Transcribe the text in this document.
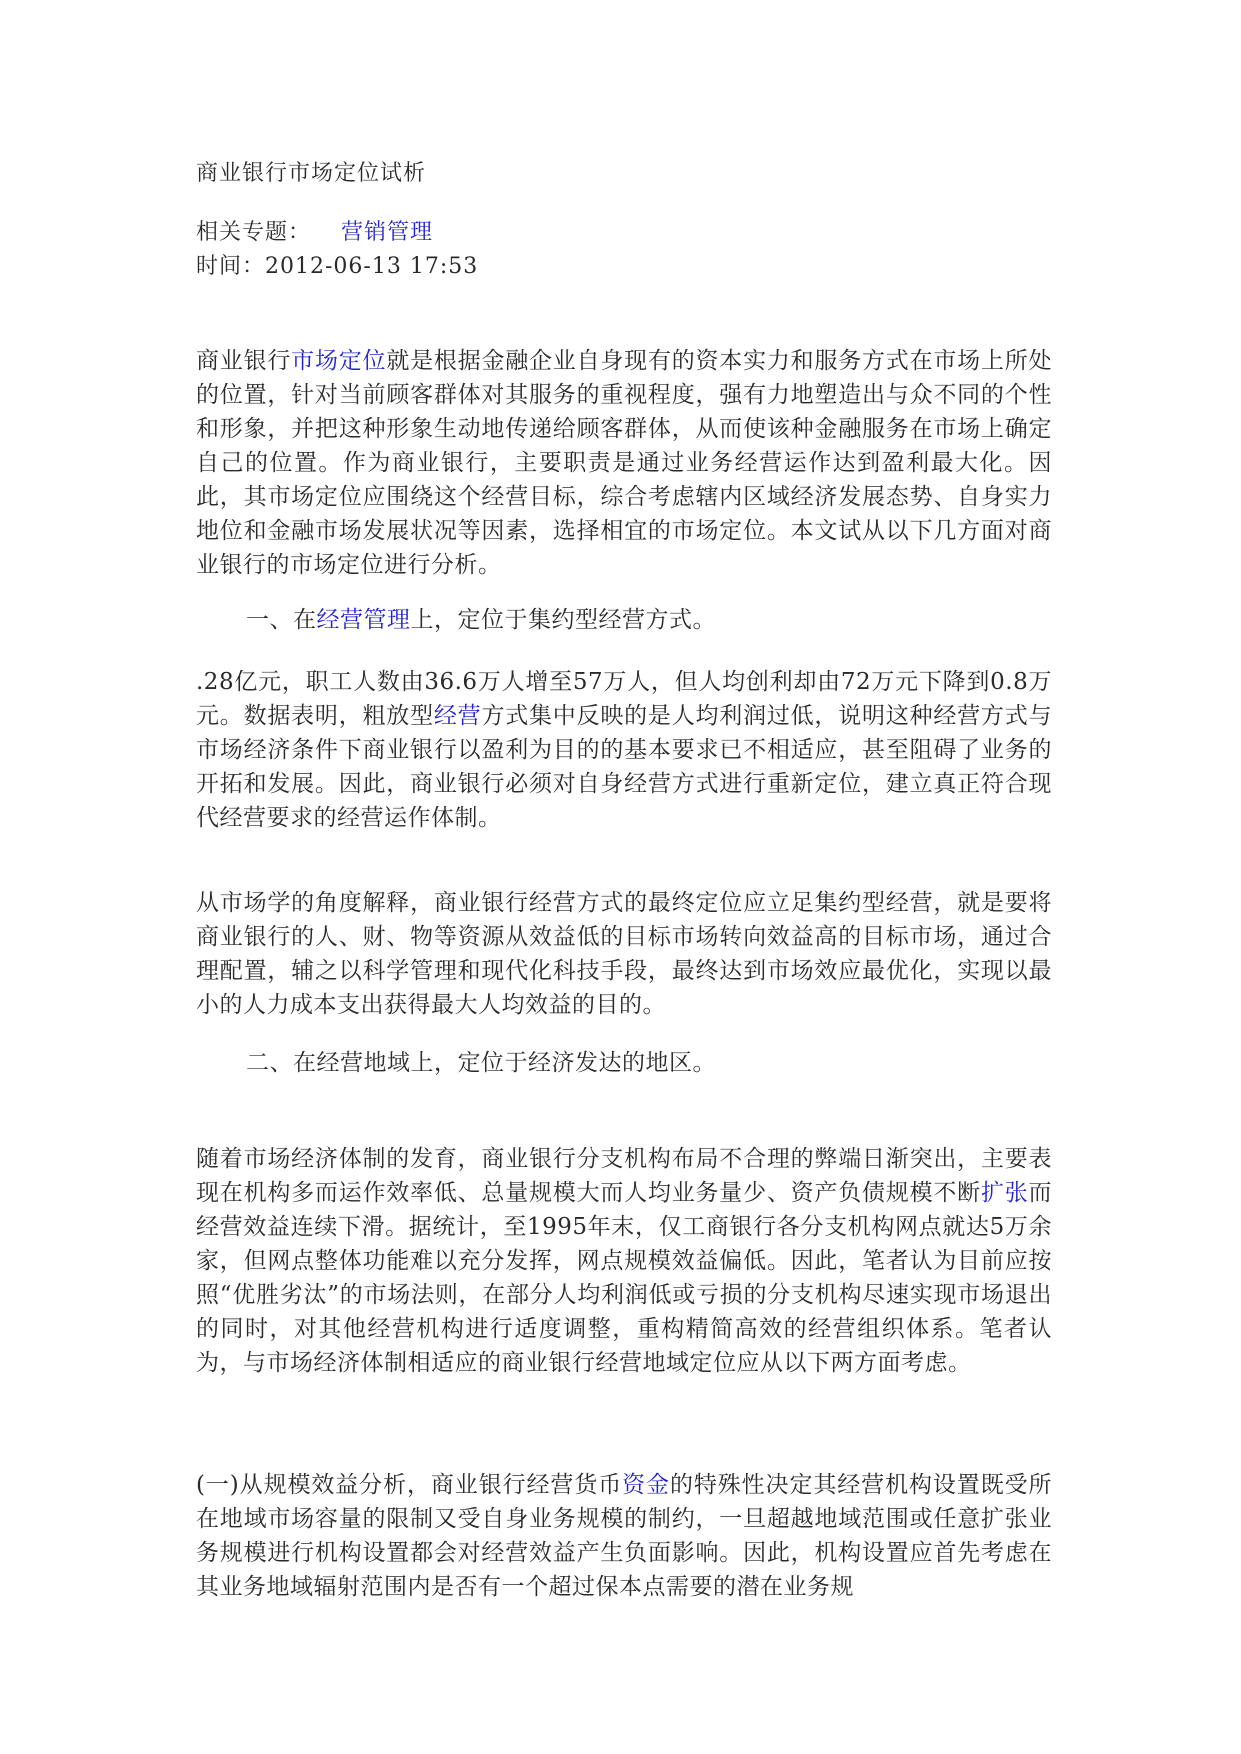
商业银行市场定位试析
相关专题： 营销管理
时间：2012-06-13 17:53

商业银行市场定位就是根据金融企业自身现有的资本实力和服务方式在市场上所处的位置，针对当前顾客群体对其服务的重视程度，强有力地塑造出与众不同的个性和形象，并把这种形象生动地传递给顾客群体，从而使该种金融服务在市场上确定自己的位置。作为商业银行，主要职责是通过业务经营运作达到盈利最大化。因此，其市场定位应围绕这个经营目标，综合考虑辖内区域经济发展态势、自身实力地位和金融市场发展状况等因素，选择相宜的市场定位。本文试从以下几方面对商业银行的市场定位进行分析。

一、在经营管理上，定位于集约型经营方式。

.28亿元，职工人数由36.6万人增至57万人，但人均创利却由72万元下降到0.8万元。数据表明，粗放型经营方式集中反映的是人均利润过低，说明这种经营方式与市场经济条件下商业银行以盈利为目的的基本要求已不相适应，甚至阻碍了业务的开拓和发展。因此，商业银行必须对自身经营方式进行重新定位，建立真正符合现代经营要求的经营运作体制。

从市场学的角度解释，商业银行经营方式的最终定位应立足集约型经营，就是要将商业银行的人、财、物等资源从效益低的目标市场转向效益高的目标市场，通过合理配置，辅之以科学管理和现代化科技手段，最终达到市场效应最优化，实现以最小的人力成本支出获得最大人均效益的目的。

二、在经营地域上，定位于经济发达的地区。

随着市场经济体制的发育，商业银行分支机构布局不合理的弊端日渐突出，主要表现在机构多而运作效率低、总量规模大而人均业务量少、资产负债规模不断扩张而经营效益连续下滑。据统计，至1995年末，仅工商银行各分支机构网点就达5万余家，但网点整体功能难以充分发挥，网点规模效益偏低。因此，笔者认为目前应按照“优胜劣汰”的市场法则，在部分人均利润低或亏损的分支机构尽速实现市场退出的同时，对其他经营机构进行适度调整，重构精简高效的经营组织体系。笔者认为，与市场经济体制相适应的商业银行经营地域定位应从以下两方面考虑。

(一)从规模效益分析，商业银行经营货币资金的特殊性决定其经营机构设置既受所在地域市场容量的限制又受自身业务规模的制约，一旦超越地域范围或任意扩张业务规模进行机构设置都会对经营效益产生负面影响。因此，机构设置应首先考虑在其业务地域辐射范围内是否有一个超过保本点需要的潜在业务规
